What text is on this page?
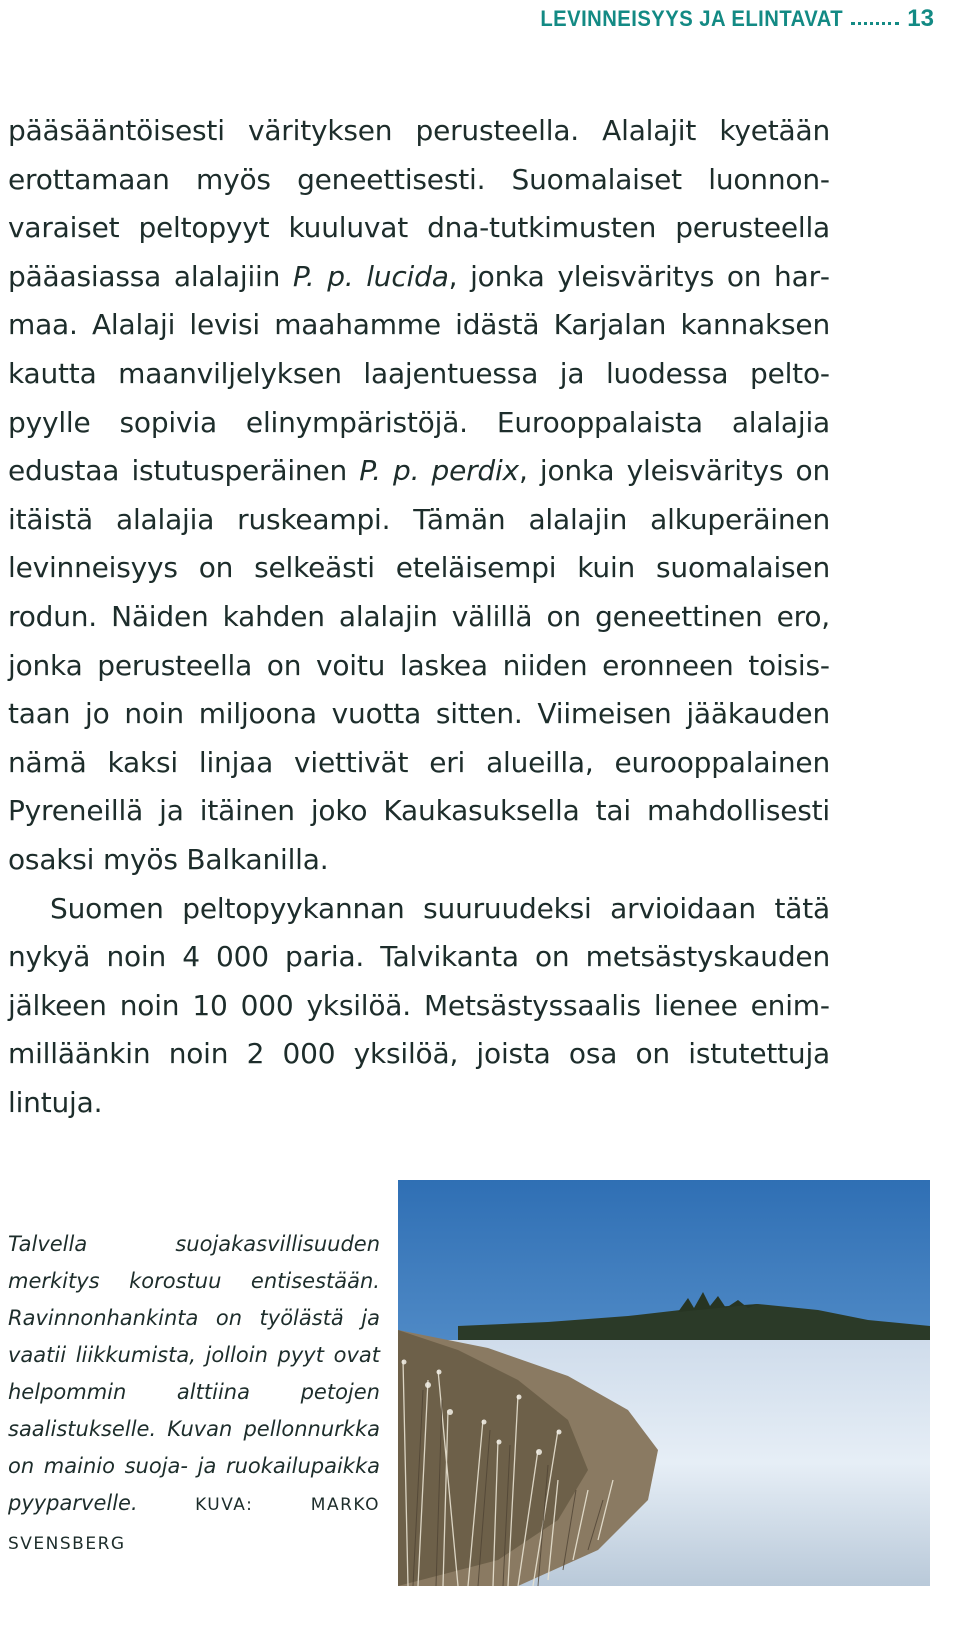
LEVINNEISYYS JA ELINTAVAT	13

pääsääntöisesti värityksen perusteella. Alalajit kyetään erottamaan myös geneettisesti. Suomalaiset luonnonvaraiset peltopyyt kuuluvat dna-tutkimusten perusteella pääasiassa alalajiin P. p. lucida, jonka yleisväritys on harmaa. Alalaji levisi maahamme idästä Karjalan kannaksen kautta maanviljelyksen laajentuessa ja luodessa peltopyylle sopivia elinympäristöjä. Eurooppalaista alalajia edustaa istutusperäinen P. p. perdix, jonka yleisväritys on itäistä alalajia ruskeampi. Tämän alalajin alkuperäinen levinneisyys on selkeästi eteläisempi kuin suomalaisen rodun. Näiden kahden alalajin välillä on geneettinen ero, jonka perusteella on voitu laskea niiden eronneen toisistaan jo noin miljoona vuotta sitten. Viimeisen jääkauden nämä kaksi linjaa viettivät eri alueilla, eurooppalainen Pyreneillä ja itäinen joko Kaukasuksella tai mahdollisesti osaksi myös Balkanilla.

Suomen peltopyykannan suuruudeksi arvioidaan tätä nykyä noin 4 000 paria. Talvikanta on metsästyskauden jälkeen noin 10 000 yksilöä. Metsästyssaalis lienee enimmilläänkin noin 2 000 yksilöä, joista osa on istutettuja lintuja.

Talvella suojakasvillisuuden merkitys korostuu entisestään. Ravinnonhankinta on työlästä ja vaatii liikkumista, jolloin pyyt ovat helpommin alttiina petojen saalistukselle. Kuvan pellonnurkka on mainio suoja- ja ruokailupaikka pyyparvelle.	KUVA:	MARKO SVENSBERG
